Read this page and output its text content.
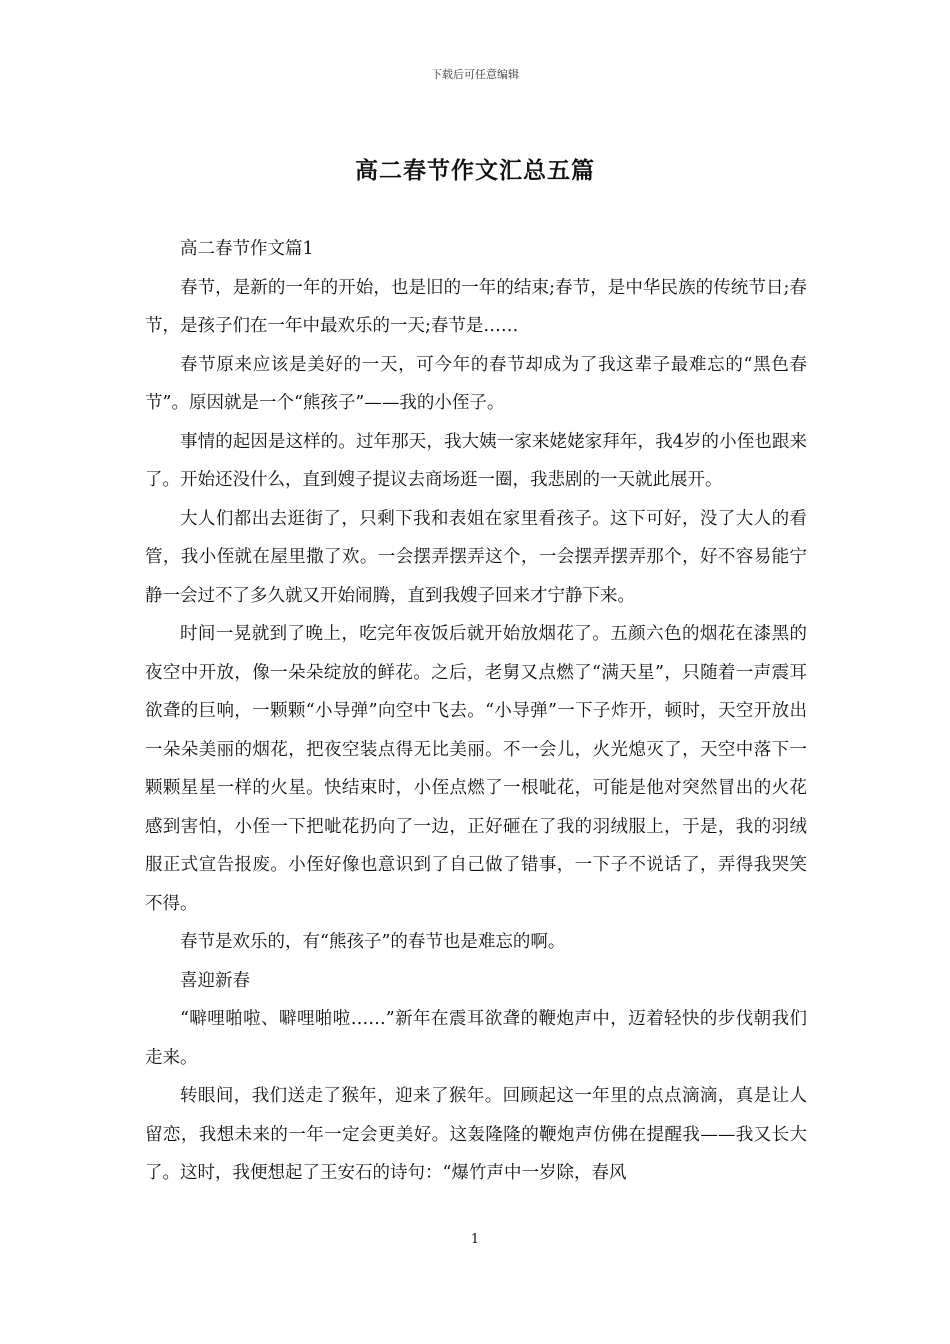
下载后可任意编辑
高二春节作文汇总五篇

高二春节作文篇1

春节，是新的一年的开始，也是旧的一年的结束;春节，是中华民族的传统节日;春节，是孩子们在一年中最欢乐的一天;春节是……

春节原来应该是美好的一天，可今年的春节却成为了我这辈子最难忘的“黑色春节”。原因就是一个“熊孩子”——我的小侄子。

事情的起因是这样的。过年那天，我大姨一家来姥姥家拜年，我4岁的小侄也跟来了。开始还没什么，直到嫂子提议去商场逛一圈，我悲剧的一天就此展开。

大人们都出去逛街了，只剩下我和表姐在家里看孩子。这下可好，没了大人的看管，我小侄就在屋里撒了欢。一会摆弄摆弄这个，一会摆弄摆弄那个，好不容易能宁静一会过不了多久就又开始闹腾，直到我嫂子回来才宁静下来。

时间一晃就到了晚上，吃完年夜饭后就开始放烟花了。五颜六色的烟花在漆黑的夜空中开放，像一朵朵绽放的鲜花。之后，老舅又点燃了“满天星”，只随着一声震耳欲聋的巨响，一颗颗“小导弹”向空中飞去。“小导弹”一下子炸开，顿时，天空开放出一朵朵美丽的烟花，把夜空装点得无比美丽。不一会儿，火光熄灭了，天空中落下一颗颗星星一样的火星。快结束时，小侄点燃了一根呲花，可能是他对突然冒出的火花感到害怕，小侄一下把呲花扔向了一边，正好砸在了我的羽绒服上，于是，我的羽绒服正式宣告报废。小侄好像也意识到了自己做了错事，一下子不说话了，弄得我哭笑不得。

春节是欢乐的，有“熊孩子”的春节也是难忘的啊。

喜迎新春

“噼哩啪啦、噼哩啪啦……”新年在震耳欲聋的鞭炮声中，迈着轻快的步伐朝我们走来。

转眼间，我们送走了猴年，迎来了猴年。回顾起这一年里的点点滴滴，真是让人留恋，我想未来的一年一定会更美好。这轰隆隆的鞭炮声仿佛在提醒我——我又长大了。这时，我便想起了王安石的诗句：“爆竹声中一岁除，春风

1
